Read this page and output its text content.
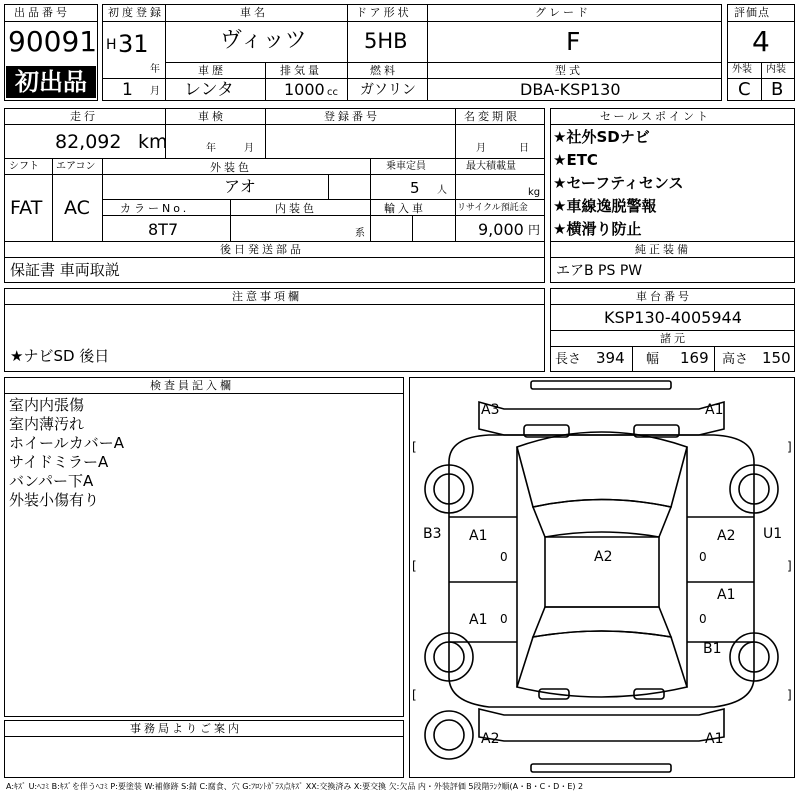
出品番号
90091
初出品
初度登録
H 31
年
1 月
車名
ヴィッツ
ドア形状
5HB
グレード
F
車歴
レンタ
排気量
1000 cc
燃料
ガソリン
型式
DBA-KSP130
評価点
4
外装 内装
C B
走行
82,092 km
車検
年	月
登録番号	名変期限
月	日
シフト
FAT
エアコン
AC
外装色
アオ
乗車定員
5 人
最大積載量
kg
カラーNo.
8T7
内装色
系
輸入車	リサイクル預託金
9,000 円
後日発送部品
保証書 車両取説
セールスポイント
★社外SDナビ
★ETC
★セーフティセンス
★車線逸脱警報
★横滑り防止
純正装備
エアB PS PW
注意事項欄
★ナビSD 後日
車台番号
KSP130-4005944
諸元
長さ 394 幅 169 高さ 150
検査員記入欄
室内内張傷
室内薄汚れ
ホイールカバーA
サイドミラーA
バンパー下A
外装小傷有り
事務局よりご案内
A3	A1
B3 A1
A2
U1
A2
A1
A1
B1
A2	A1
[	]
[	]
[	]
0	0
0	0
A:ｷｽﾞ U:ﾍｺﾐ B:ｷｽﾞを伴うﾍｺﾐ P:要塗装 W:補修跡 S:錆 C:腐食、穴 G:ﾌﾛﾝﾄｶﾞﾗｽ点ｷｽﾞ XX:交換済み X:要交換 欠:欠品 内・外装評価 5段階ﾗﾝｸ順(A・B・C・D・E) 2
